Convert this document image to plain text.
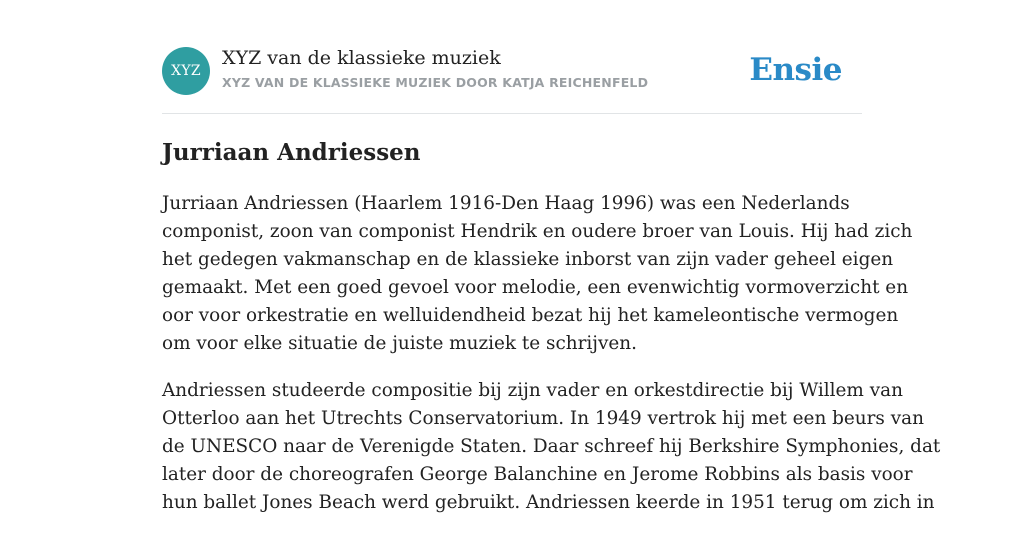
XYZ
XYZ van de klassieke muziek
XYZ VAN DE KLASSIEKE MUZIEK DOOR KATJA REICHENFELD	Ensie
Jurriaan Andriessen

Jurriaan Andriessen (Haarlem 1916-Den Haag 1996) was een Nederlands
componist, zoon van componist Hendrik en oudere broer van Louis. Hij had zich
het gedegen vakmanschap en de klassieke inborst van zijn vader geheel eigen
gemaakt. Met een goed gevoel voor melodie, een evenwichtig vormoverzicht en
oor voor orkestratie en welluidendheid bezat hij het kameleontische vermogen
om voor elke situatie de juiste muziek te schrijven.

Andriessen studeerde compositie bij zijn vader en orkestdirectie bij Willem van
Otterloo aan het Utrechts Conservatorium. In 1949 vertrok hij met een beurs van
de UNESCO naar de Verenigde Staten. Daar schreef hij Berkshire Symphonies, dat
later door de choreografen George Balanchine en Jerome Robbins als basis voor
hun ballet Jones Beach werd gebruikt. Andriessen keerde in 1951 terug om zich in
